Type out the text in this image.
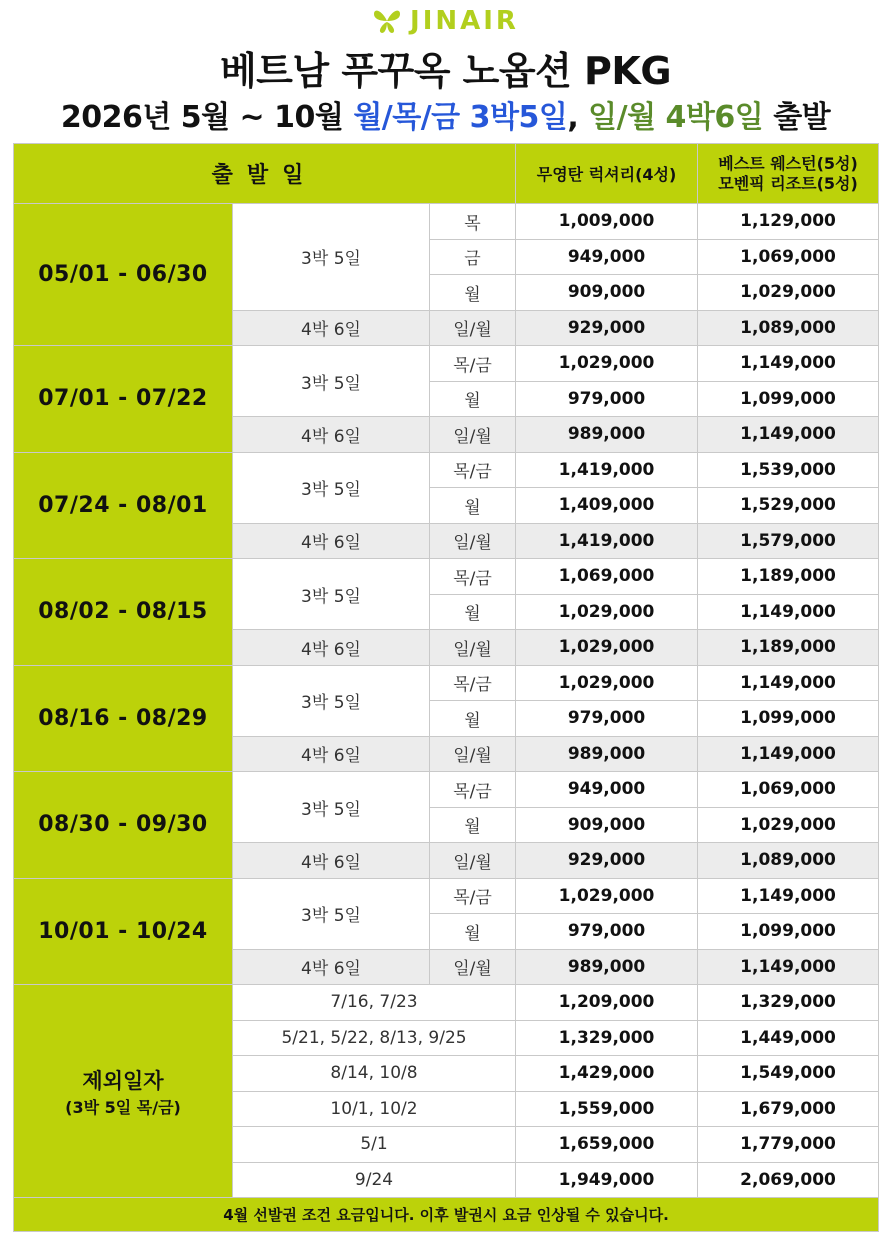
JINAIR
베트남 푸꾸옥 노옵션 PKG
2026년 5월 ~ 10월 월/목/금 3박5일, 일/월 4박6일 출발
출발일			무영탄 럭셔리(4성)	베스트 웨스턴(5성)
모벤픽 리조트(5성)

05/01 - 06/30	3박 5일	목	1,009,000	1,129,000
		금	949,000	1,069,000
		월	909,000	1,029,000
	4박 6일	일/월	929,000	1,089,000
07/01 - 07/22	3박 5일	목/금	1,029,000	1,149,000
		월	979,000	1,099,000
	4박 6일	일/월	989,000	1,149,000
07/24 - 08/01	3박 5일	목/금	1,419,000	1,539,000
		월	1,409,000	1,529,000
	4박 6일	일/월	1,419,000	1,579,000
08/02 - 08/15	3박 5일	목/금	1,069,000	1,189,000
		월	1,029,000	1,149,000
	4박 6일	일/월	1,029,000	1,189,000
08/16 - 08/29	3박 5일	목/금	1,029,000	1,149,000
		월	979,000	1,099,000
	4박 6일	일/월	989,000	1,149,000
08/30 - 09/30	3박 5일	목/금	949,000	1,069,000
		월	909,000	1,029,000
	4박 6일	일/월	929,000	1,089,000
10/01 - 10/24	3박 5일	목/금	1,029,000	1,149,000
		월	979,000	1,099,000
	4박 6일	일/월	989,000	1,149,000

제외일자
(3박 5일 목/금)	7/16, 7/23		1,209,000	1,329,000
	5/21, 5/22, 8/13, 9/25		1,329,000	1,449,000
	8/14, 10/8		1,429,000	1,549,000
	10/1, 10/2		1,559,000	1,679,000
	5/1		1,659,000	1,779,000
	9/24		1,949,000	2,069,000
4월 선발권 조건 요금입니다. 이후 발권시 요금 인상될 수 있습니다.				
